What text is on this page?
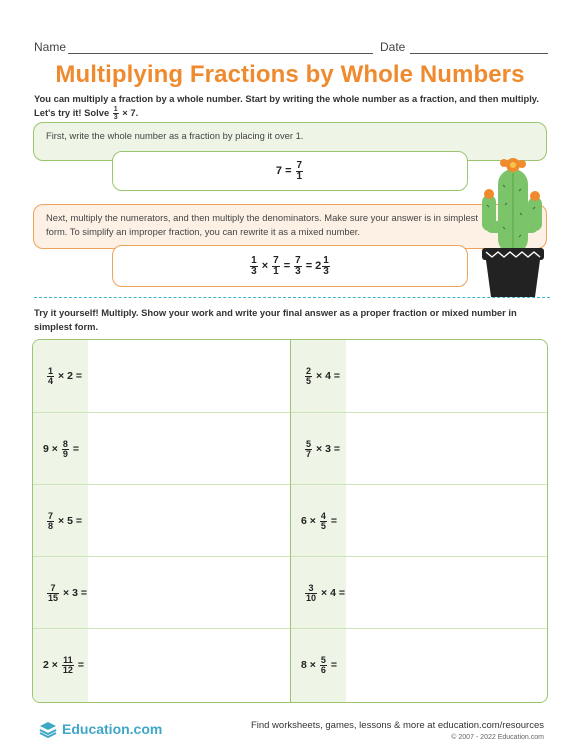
Name	Date
Multiplying Fractions by Whole Numbers
You can multiply a fraction by a whole number. Start by writing the whole number as a fraction, and then multiply.
Let's try it! Solve $\frac{1}{3} \times 7$.
First, write the whole number as a fraction by placing it over 1.
$7 = \frac{7}{1}$
Next, multiply the numerators, and then multiply the denominators. Make sure your answer is in simplest form. To simplify an improper fraction, you can rewrite it as a mixed number.
$\frac{1}{3} \times \frac{7}{1} = \frac{7}{3} = 2 \frac{1}{3}$
Try it yourself! Multiply. Show your work and write your final answer as a proper fraction or mixed number in simplest form.
$\frac{1}{4} \times 2$ =
$9 \times \frac{8}{9}$ =
$\frac{7}{8} \times 5$ =
$\frac{7}{15} \times 3$ =
$2 \times \frac{11}{12}$ =
$\frac{2}{5} \times 4$ =
$\frac{5}{7} \times 3$ =
$6 \times \frac{4}{5}$ =
$\frac{3}{10} \times 4$ =
$8 \times \frac{5}{6}$ =
Education.com	Find worksheets, games, lessons & more at education.com/resources
© 2007 - 2022 Education.com
